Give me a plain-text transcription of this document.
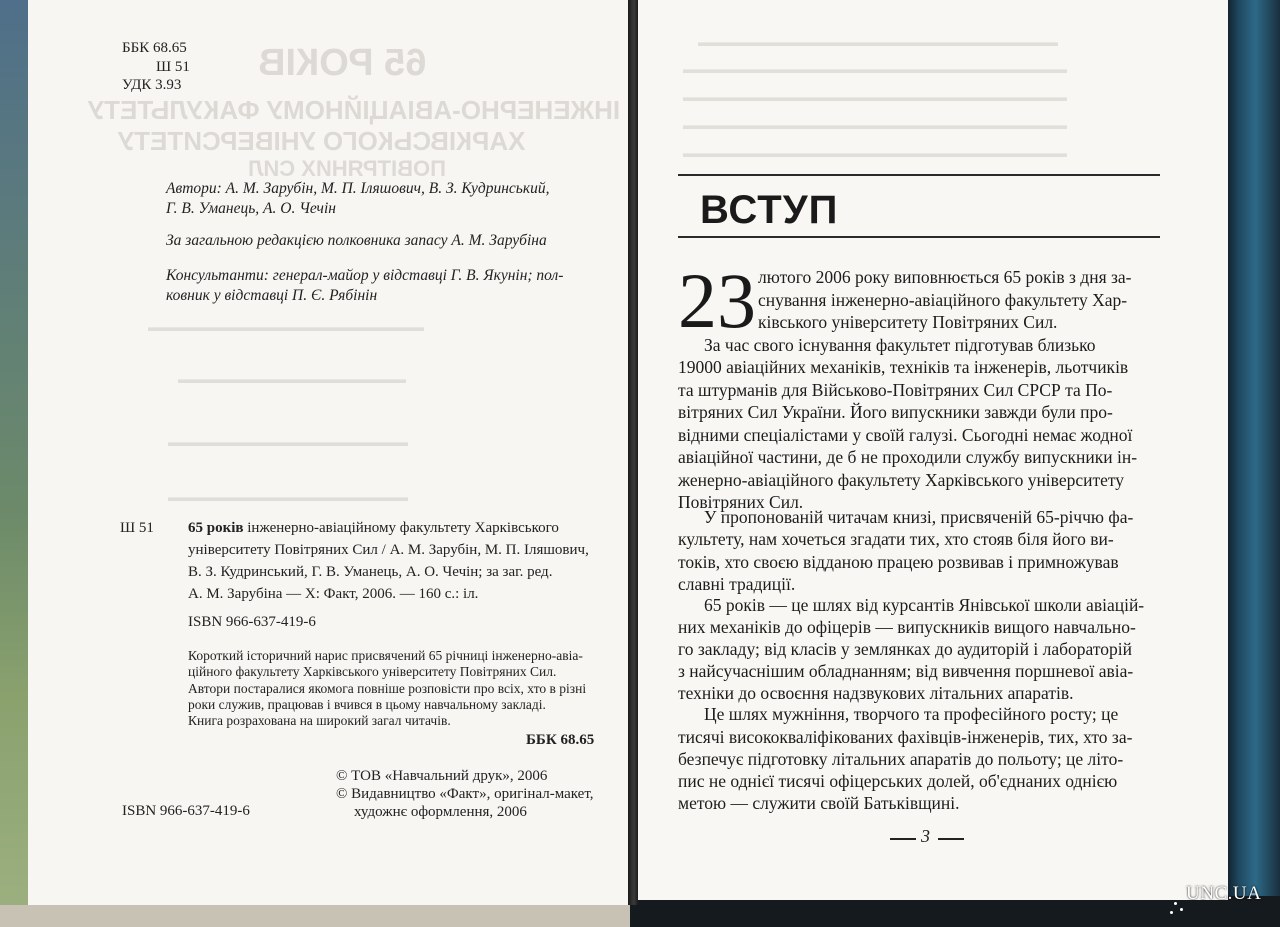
65 РОКІВ
ІНЖЕНЕРНО-АВІАЦІЙНОМУ ФАКУЛЬТЕТУ
ХАРКІВСЬКОГО УНІВЕРСИТЕТУ
ПОВІТРЯНИХ СИЛ
ББК 68.65
Ш 51
УДК 3.93
Автори: А. М. Зарубін, М. П. Іляшович, В. З. Кудринський,
Г. В. Уманець, А. О. Чечін
За загальною редакцією полковника запасу А. М. Зарубіна
Консультанти: генерал-майор у відставці Г. В. Якунін; пол-
ковник у відставці П. Є. Рябінін
▬▬▬▬▬▬▬▬▬▬▬▬▬▬▬▬▬▬▬▬▬▬▬
▬▬▬▬▬▬▬▬▬▬▬▬▬▬▬▬▬▬▬
▬▬▬▬▬▬▬▬▬▬▬▬▬▬▬▬▬▬▬▬
▬▬▬▬▬▬▬▬▬▬▬▬▬▬▬▬▬▬▬▬
Ш 51 65 років інженерно-авіаційному факультету Харківського
університету Повітряних Сил / А. М. Зарубін, М. П. Іляшович,
В. З. Кудринський, Г. В. Уманець, А. О. Чечін; за заг. ред.
А. М. Зарубіна — Х: Факт, 2006. — 160 с.: іл.
ISBN 966-637-419-6
Короткий історичний нарис присвячений 65 річниці інженерно-авіа-
ційного факультету Харківського університету Повітряних Сил.
Автори постаралися якомога повніше розповісти про всіх, хто в різні
роки служив, працював і вчився в цьому навчальному закладі.
Книга розрахована на широкий загал читачів.
ББК 68.65
© ТОВ «Навчальний друк», 2006
© Видавництво «Факт», оригінал-макет,
художнє оформлення, 2006
ISBN 966-637-419-6
▬▬▬▬▬▬▬▬▬▬▬▬▬▬▬▬▬▬▬▬▬▬▬▬▬▬▬▬▬▬
▬▬▬▬▬▬▬▬▬▬▬▬▬▬▬▬▬▬▬▬▬▬▬▬▬▬▬▬▬▬▬▬
▬▬▬▬▬▬▬▬▬▬▬▬▬▬▬▬▬▬▬▬▬▬▬▬▬▬▬▬▬▬▬▬
▬▬▬▬▬▬▬▬▬▬▬▬▬▬▬▬▬▬▬▬▬▬▬▬▬▬▬▬▬▬▬▬
▬▬▬▬▬▬▬▬▬▬▬▬▬▬▬▬▬▬▬▬▬▬▬▬▬▬▬▬▬▬▬▬
ВСТУП
23 лютого 2006 року виповнюється 65 років з дня за-
снування інженерно-авіаційного факультету Хар-
ківського університету Повітряних Сил.
За час свого існування факультет підготував близько
19000 авіаційних механіків, техніків та інженерів, льотчиків
та штурманів для Військово-Повітряних Сил СРСР та По-
вітряних Сил України. Його випускники завжди були про-
відними спеціалістами у своїй галузі. Сьогодні немає жодної
авіаційної частини, де б не проходили службу випускники ін-
женерно-авіаційного факультету Харківського університету
Повітряних Сил.
У пропонованій читачам книзі, присвяченій 65-річчю фа-
культету, нам хочеться згадати тих, хто стояв біля його ви-
токів, хто своєю відданою працею розвивав і примножував
славні традиції.
65 років — це шлях від курсантів Янівської школи авіацій-
них механіків до офіцерів — випускників вищого навчально-
го закладу; від класів у землянках до аудиторій і лабораторій
з найсучаснішим обладнанням; від вивчення поршневої авіа-
техніки до освоєння надзвукових літальних апаратів.
Це шлях мужніння, творчого та професійного росту; це
тисячі висококваліфікованих фахівців-інженерів, тих, хто за-
безпечує підготовку літальних апаратів до польоту; це літо-
пис не однієї тисячі офіцерських долей, об'єднаних однією
метою — служити своїй Батьківщині.
3
UNC.UA
